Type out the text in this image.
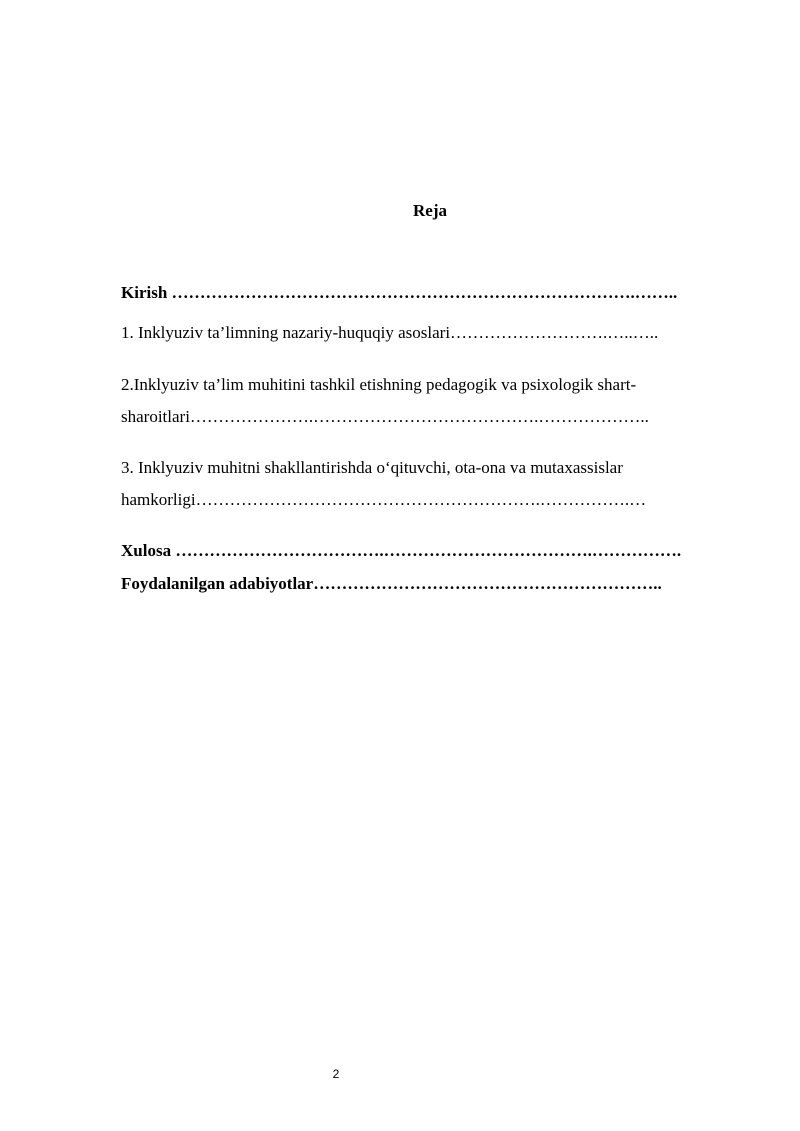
Reja
Kirish ……………………………………………………………………….……..
1. Inklyuziv ta’limning nazariy-huquqiy asoslari……………………….…..…..
2.Inklyuziv ta’lim muhitini tashkil etishning pedagogik va psixologik shart-
sharoitlari………………….………………………………….………………..
3. Inklyuziv muhitni shakllantirishda o‘qituvchi, ota-ona va mutaxassislar
hamkorligi…………………………………………………….…………….…
Xulosa ……………………………….……………………………….…………….
Foydalanilgan adabiyotlar……………………………………………………..
2
